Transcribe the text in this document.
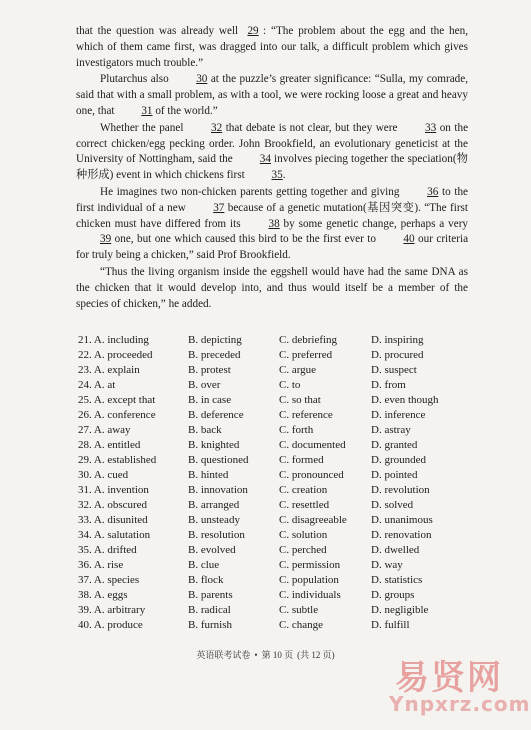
that the question was already well 29 : “The problem about the egg and the hen, which of them came first, was dragged into our talk, a difficult problem which gives investigators much trouble.”

Plutarchus also 30 at the puzzle’s greater significance: “Sulla, my comrade, said that with a small problem, as with a tool, we were rocking loose a great and heavy one, that 31 of the world.”

Whether the panel 32 that debate is not clear, but they were 33 on the correct chicken/egg pecking order. John Brookfield, an evolutionary geneticist at the University of Nottingham, said the 34 involves piecing together the speciation(物种形成) event in which chickens first 35.

He imagines two non-chicken parents getting together and giving 36 to the first individual of a new 37 because of a genetic mutation(基因突变). “The first chicken must have differed from its 38 by some genetic change, perhaps a very 39 one, but one which caused this bird to be the first ever to 40 our criteria for truly being a chicken,” said Prof Brookfield.

“Thus the living organism inside the eggshell would have had the same DNA as the chicken that it would develop into, and thus would itself be a member of the species of chicken,” he added.

21. A. including	B. depicting	C. debriefing	D. inspiring
22. A. proceeded	B. preceded	C. preferred	D. procured
23. A. explain	B. protest	C. argue	D. suspect
24. A. at	B. over	C. to	D. from
25. A. except that	B. in case	C. so that	D. even though
26. A. conference	B. deference	C. reference	D. inference
27. A. away	B. back	C. forth	D. astray
28. A. entitled	B. knighted	C. documented	D. granted
29. A. established	B. questioned	C. formed	D. grounded
30. A. cued	B. hinted	C. pronounced	D. pointed
31. A. invention	B. innovation	C. creation	D. revolution
32. A. obscured	B. arranged	C. resettled	D. solved
33. A. disunited	B. unsteady	C. disagreeable	D. unanimous
34. A. salutation	B. resolution	C. solution	D. renovation
35. A. drifted	B. evolved	C. perched	D. dwelled
36. A. rise	B. clue	C. permission	D. way
37. A. species	B. flock	C. population	D. statistics
38. A. eggs	B. parents	C. individuals	D. groups
39. A. arbitrary	B. radical	C. subtle	D. negligible
40. A. produce	B. furnish	C. change	D. fulfill
英语联考试卷 • 第 10 页 (共 12 页)
易贤网
Ynpxrz.com
